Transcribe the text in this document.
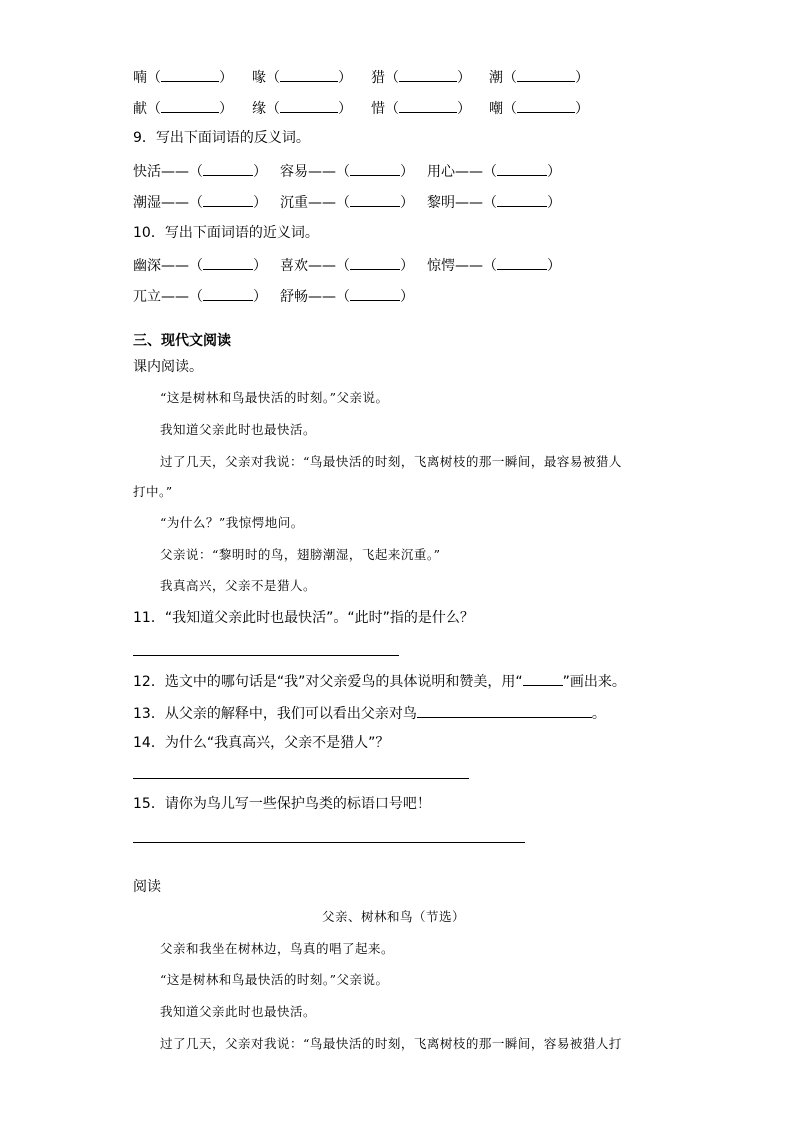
喃（	） 喙（	） 猎（	） 潮（	）
献（	） 缘（	） 惜（	） 嘲（	）
9．写出下面词语的反义词。
快活——（	） 容易——（	） 用心——（	）
潮湿——（	） 沉重——（	） 黎明——（	）
10．写出下面词语的近义词。
幽深——（	） 喜欢——（	） 惊愕——（	）
兀立——（	） 舒畅——（	）
三、现代文阅读
课内阅读。
“这是树林和鸟最快活的时刻。”父亲说。
我知道父亲此时也最快活。
过了几天，父亲对我说：“鸟最快活的时刻，飞离树枝的那一瞬间，最容易被猎人
打中。”
“为什么？”我惊愕地问。
父亲说：“黎明时的鸟，翅膀潮湿，飞起来沉重。”
我真高兴，父亲不是猎人。
11．“我知道父亲此时也最快活”。“此时”指的是什么？
12．选文中的哪句话是“我”对父亲爱鸟的具体说明和赞美，用“	”画出来。
13．从父亲的解释中，我们可以看出父亲对鸟	。
14．为什么“我真高兴，父亲不是猎人”？
15．请你为鸟儿写一些保护鸟类的标语口号吧！
阅读
父亲、树林和鸟（节选）
父亲和我坐在树林边，鸟真的唱了起来。
“这是树林和鸟最快活的时刻。”父亲说。
我知道父亲此时也最快活。
过了几天，父亲对我说：“鸟最快活的时刻，飞离树枝的那一瞬间，容易被猎人打
